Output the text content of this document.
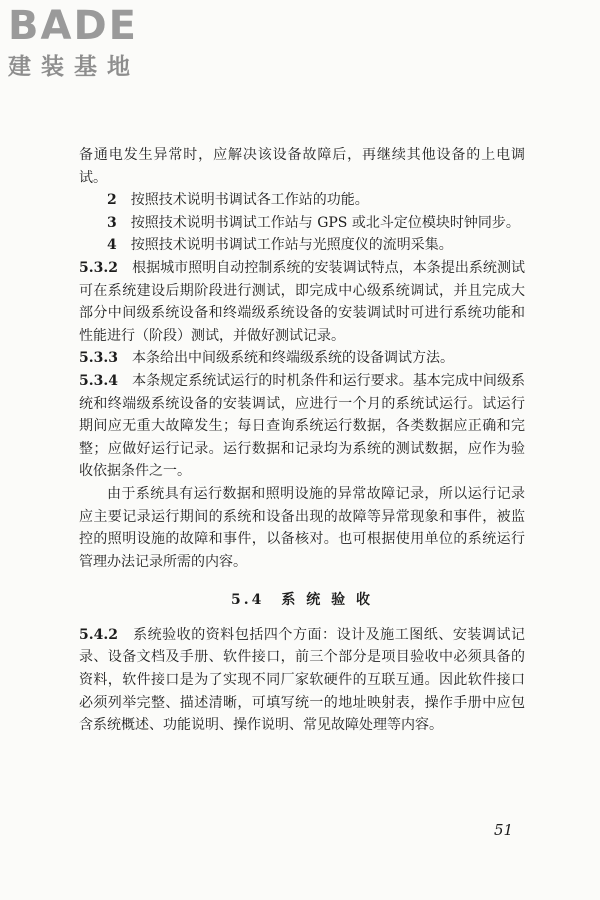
BADE
建装基地

备通电发生异常时，应解决该设备故障后，再继续其他设备的上电调试。

2　 按照技术说明书调试各工作站的功能。

3　 按照技术说明书调试工作站与 GPS 或北斗定位模块时钟同步。

4　 按照技术说明书调试工作站与光照度仪的流明采集。

5.3.2　 根据城市照明自动控制系统的安装调试特点，本条提出系统测试可在系统建设后期阶段进行测试，即完成中心级系统调试，并且完成大部分中间级系统设备和终端级系统设备的安装调试时可进行系统功能和性能进行（阶段）测试，并做好测试记录。

5.3.3　 本条给出中间级系统和终端级系统的设备调试方法。

5.3.4　 本条规定系统试运行的时机条件和运行要求。基本完成中间级系统和终端级系统设备的安装调试，应进行一个月的系统试运行。试运行期间应无重大故障发生；每日查询系统运行数据，各类数据应正确和完整；应做好运行记录。运行数据和记录均为系统的测试数据，应作为验收依据条件之一。

由于系统具有运行数据和照明设施的异常故障记录，所以运行记录应主要记录运行期间的系统和设备出现的故障等异常现象和事件，被监控的照明设施的故障和事件，以备核对。也可根据使用单位的系统运行管理办法记录所需的内容。

5.4　系 统 验 收

5.4.2　 系统验收的资料包括四个方面：设计及施工图纸、安装调试记录、设备文档及手册、软件接口，前三个部分是项目验收中必须具备的资料，软件接口是为了实现不同厂家软硬件的互联互通。因此软件接口必须列举完整、描述清晰，可填写统一的地址映射表，操作手册中应包含系统概述、功能说明、操作说明、常见故障处理等内容。

51
